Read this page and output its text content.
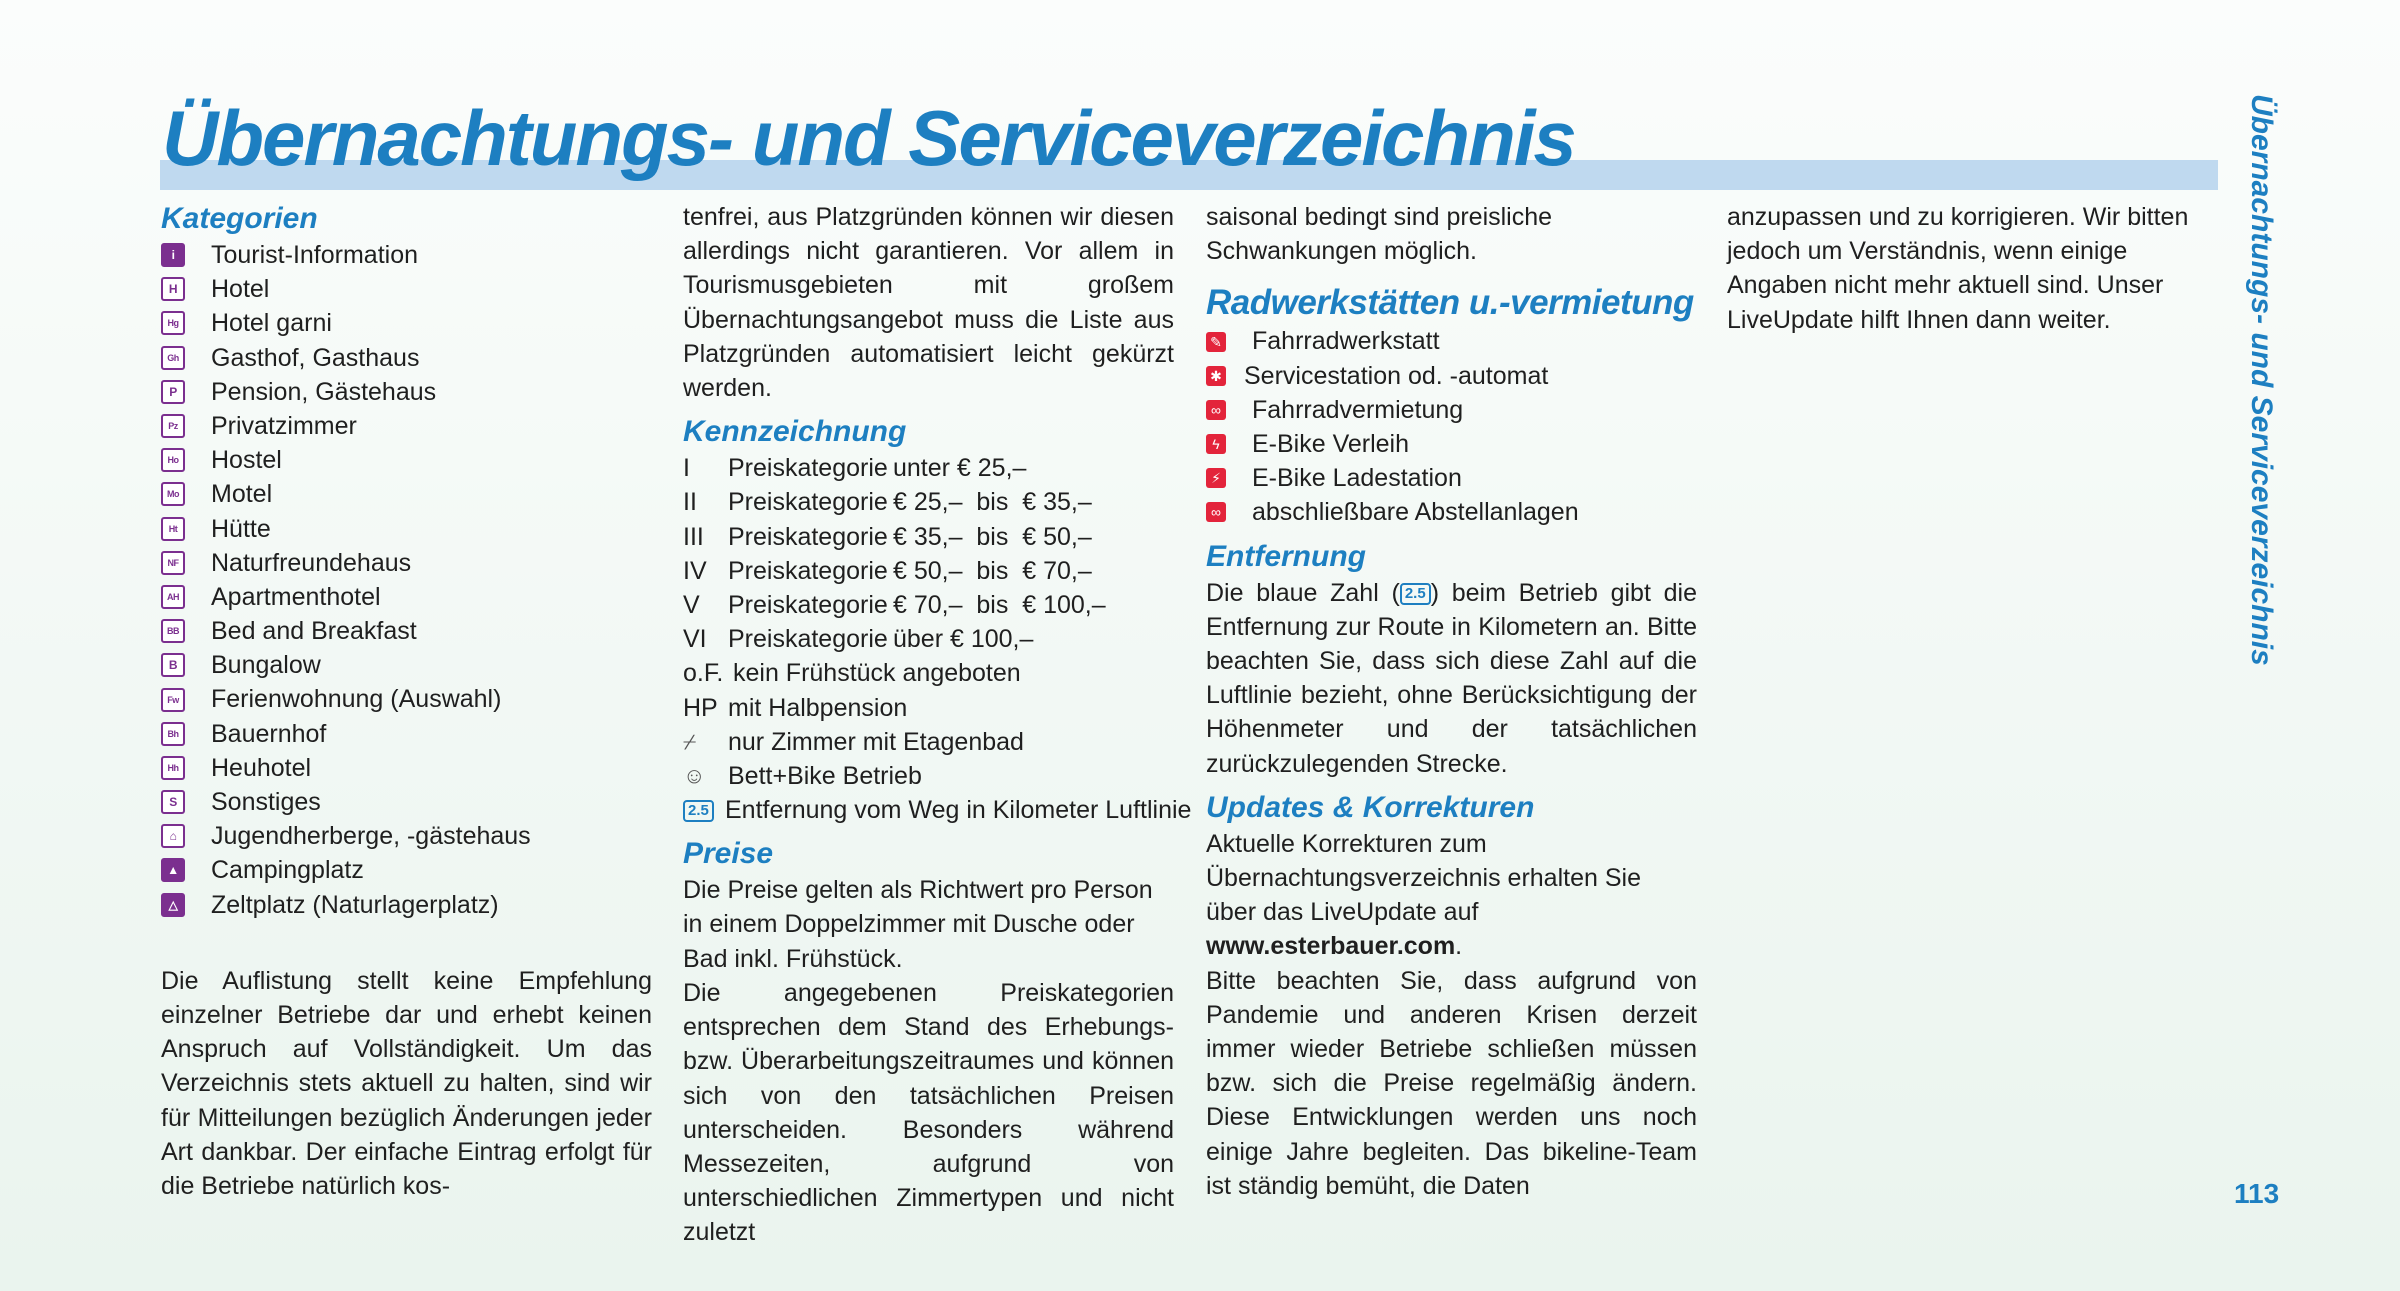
Übernachtungs- und Serviceverzeichnis	Übernachtungs- und Serviceverzeichnis
Kategorien
i	Tourist-Information
H	Hotel
Hg Hotel garni
Gh Gasthof, Gasthaus
P	Pension, Gästehaus
Pz Privatzimmer
Ho Hostel
Mo Motel
Ht	Hütte
NF Naturfreundehaus
AH Apartmenthotel
BB Bed and Breakfast
B	Bungalow
Fw Ferienwohnung (Auswahl)
Bh Bauernhof
Hh Heuhotel
S	Sonstiges
⌂	Jugendherberge, -gästehaus
▲ Campingplatz
△	Zeltplatz (Naturlagerplatz)

Die Auflistung stellt keine Empfehlung einzelner Betriebe dar und erhebt keinen Anspruch auf Vollständigkeit. Um das Verzeichnis stets aktuell zu halten, sind wir für Mitteilungen bezüglich Änderungen jeder Art dankbar. Der einfache Eintrag erfolgt für die Betriebe natürlich kos-

tenfrei, aus Platzgründen können wir diesen allerdings nicht garantieren. Vor allem in Tourismusgebieten mit großem Übernachtungsangebot muss die Liste aus Platzgründen automatisiert leicht gekürzt werden.

Kennzeichnung
I	Preiskategorie unter € 25,–
II	Preiskategorie € 25,–  bis  € 35,–
III Preiskategorie € 35,–  bis  € 50,–
IV Preiskategorie € 50,–  bis  € 70,–
V	Preiskategorie € 70,–  bis  € 100,–
VI Preiskategorie über € 100,–
o.F. kein Frühstück angeboten
HP mit Halbpension
⌿	nur Zimmer mit Etagenbad
☺ Bett+Bike Betrieb
2.5 Entfernung vom Weg in Kilometer Luftlinie
Preise

Die Preise gelten als Richtwert pro Person in einem Doppelzimmer mit Dusche oder Bad inkl. Frühstück.

Die angegebenen Preiskategorien entsprechen dem Stand des Erhebungs- bzw. Überarbeitungszeitraumes und können sich von den tatsächlichen Preisen unterscheiden. Besonders während Messezeiten, aufgrund von unterschiedlichen Zimmertypen und nicht zuletzt

saisonal bedingt sind preisliche Schwankungen möglich.

Radwerkstätten u.-vermietung
✎ Fahrradwerkstatt
✱ Servicestation od. -automat
∞ Fahrradvermietung
ϟ E-Bike Verleih
⚡ E-Bike Ladestation
∞ abschließbare Abstellanlagen
Entfernung

Die blaue Zahl ( 2.5 ) beim Betrieb gibt die Entfernung zur Route in Kilometern an. Bitte beachten Sie, dass sich diese Zahl auf die Luftlinie bezieht, ohne Berücksichtigung der Höhenmeter und der tatsächlichen zurückzulegenden Strecke.

Updates & Korrekturen

Aktuelle Korrekturen zum Übernachtungsverzeichnis erhalten Sie über das LiveUpdate auf www.esterbauer.com.

Bitte beachten Sie, dass aufgrund von Pandemie und anderen Krisen derzeit immer wieder Betriebe schließen müssen bzw. sich die Preise regelmäßig ändern. Diese Entwicklungen werden uns noch einige Jahre begleiten. Das bikeline-Team ist ständig bemüht, die Daten

anzupassen und zu korrigieren. Wir bitten jedoch um Verständnis, wenn einige Angaben nicht mehr aktuell sind. Unser LiveUpdate hilft Ihnen dann weiter.

113
